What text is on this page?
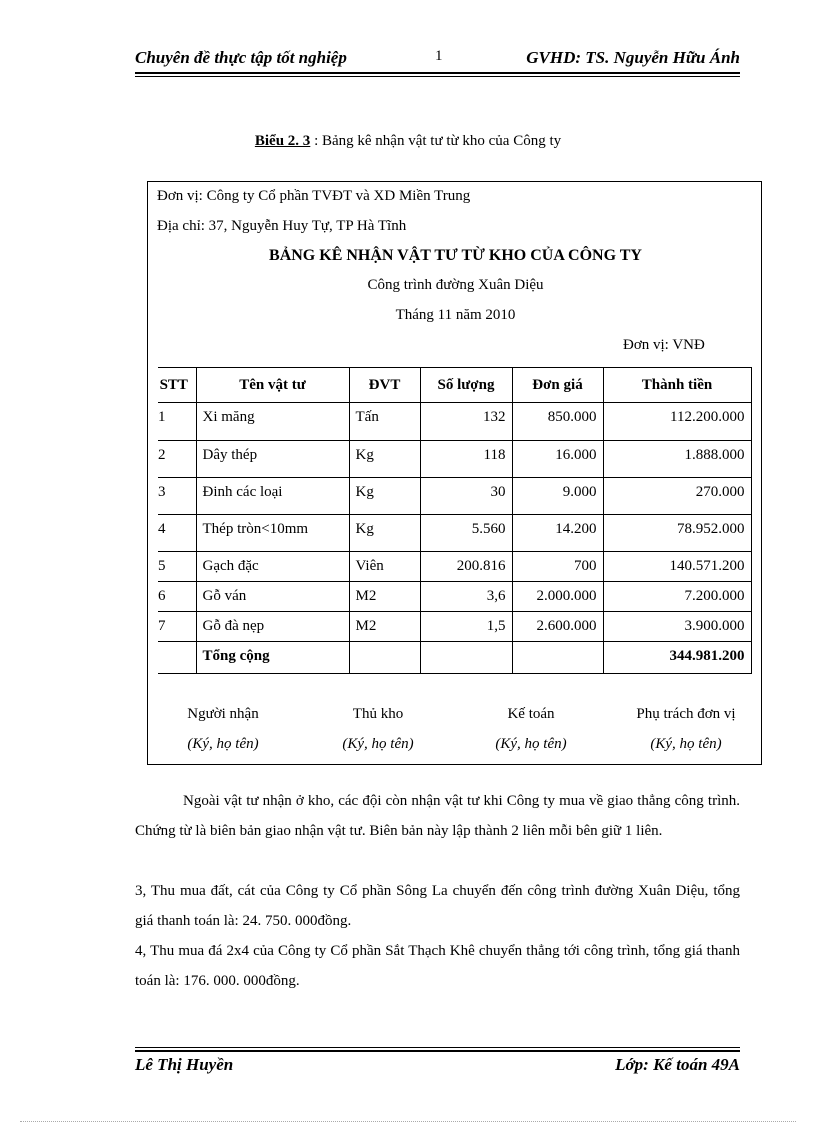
Chuyên đề thực tập tốt nghiệp	1	GVHD: TS. Nguyễn Hữu Ánh
Biểu 2. 3 : Bảng kê nhận vật tư từ kho của Công ty
Đơn vị: Công ty Cổ phần TVĐT và XD Miền Trung
Địa chỉ: 37, Nguyễn Huy Tự, TP Hà Tĩnh
BẢNG KÊ NHẬN VẬT TƯ TỪ KHO CỦA CÔNG TY
Công trình đường Xuân Diệu
Tháng 11 năm 2010
Đơn vị: VNĐ
STT	Tên vật tư	ĐVT	Số lượng	Đơn giá	Thành tiền
1	Xi măng	Tấn	132	850.000	112.200.000
2	Dây thép	Kg	118	16.000	1.888.000
3	Đinh các loại	Kg	30	9.000	270.000
4	Thép tròn<10mm	Kg	5.560	14.200	78.952.000
5	Gạch đặc	Viên	200.816	700	140.571.200
6	Gỗ ván	M2	3,6	2.000.000	7.200.000
7	Gỗ đà nẹp	M2	1,5	2.600.000	3.900.000
	Tổng cộng				344.981.200
Người nhận
(Ký, họ tên)
Thủ kho
(Ký, họ tên)
Kế toán
(Ký, họ tên)
Phụ trách đơn vị
(Ký, họ tên)
Ngoài vật tư nhận ở kho, các đội còn nhận vật tư khi Công ty mua về giao thẳng công trình. Chứng từ là biên bản giao nhận vật tư. Biên bản này lập thành 2 liên mỗi bên giữ 1 liên.
3, Thu mua đất, cát của Công ty Cổ phần Sông La chuyển đến công trình đường Xuân Diệu, tổng giá thanh toán là: 24. 750. 000đồng.
4, Thu mua đá 2x4 của Công ty Cổ phần Sắt Thạch Khê chuyển thẳng tới công trình, tổng giá thanh toán là: 176. 000. 000đồng.
Lê Thị Huyền	Lớp: Kế toán 49A
